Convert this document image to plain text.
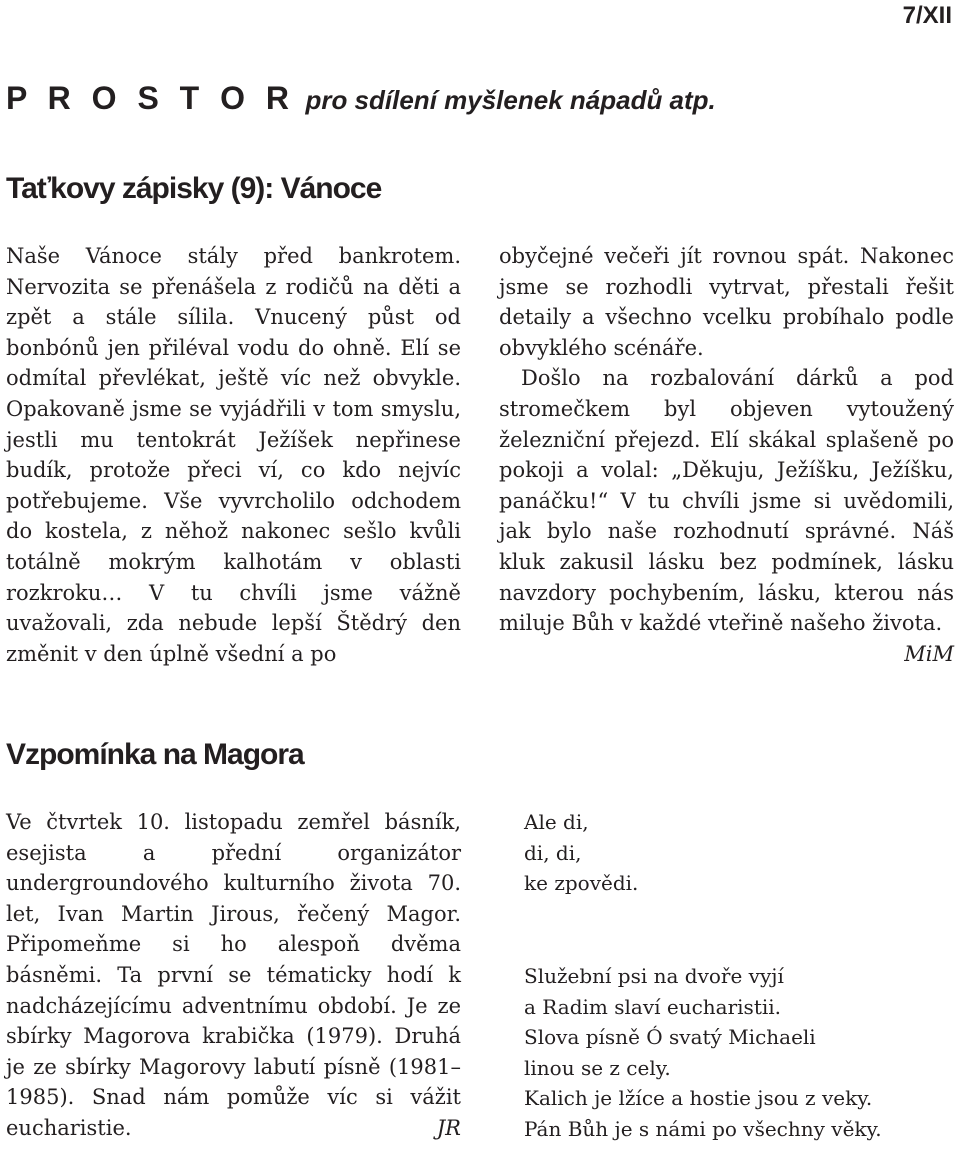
7/XII
P R O S T O R pro sdílení myšlenek nápadů atp.
Taťkovy zápisky (9): Vánoce

Naše Vánoce stály před bankrotem. Nervozita se přenášela z rodičů na děti a zpět a stále sílila. Vnucený půst od bonbónů jen přiléval vodu do ohně. Elí se odmítal převlékat, ještě víc než obvykle. Opakovaně jsme se vyjádřili v tom smyslu, jestli mu tentokrát Ježíšek nepřinese budík, protože přeci ví, co kdo nejvíc potřebujeme. Vše vyvrcholilo odchodem do kostela, z něhož nakonec sešlo kvůli totálně mokrým kalhotám v oblasti rozkroku… V tu chvíli jsme vážně uvažovali, zda nebude lepší Štědrý den změnit v den úplně všední a po

obyčejné večeři jít rovnou spát. Nakonec jsme se rozhodli vytrvat, přestali řešit detaily a všechno vcelku probíhalo podle obvyklého scénáře.

Došlo na rozbalování dárků a pod stromečkem byl objeven vytoužený železniční přejezd. Elí skákal splašeně po pokoji a volal: „Děkuju, Ježíšku, Ježíšku, panáčku!“ V tu chvíli jsme si uvědomili, jak bylo naše rozhodnutí správné. Náš kluk zakusil lásku bez podmínek, lásku navzdory pochybením, lásku, kterou nás miluje Bůh v každé vteřině našeho života.
MiM

Vzpomínka na Magora

Ve čtvrtek 10. listopadu zemřel básník, esejista a přední organizátor undergroundového kulturního života 70. let, Ivan Martin Jirous, řečený Magor. Připomeňme si ho alespoň dvěma básněmi. Ta první se tématicky hodí k nadcházejícímu adventnímu období. Je ze sbírky Magorova krabička (1979). Druhá je ze sbírky Magorovy labutí písně (1981–1985). Snad nám pomůže víc si vážit eucharistie.	JR

Ale di,
di, di,
ke zpovědi.
Služební psi na dvoře vyjí
a Radim slaví eucharistii.
Slova písně Ó svatý Michaeli
linou se z cely.
Kalich je lžíce a hostie jsou z veky.
Pán Bůh je s námi po všechny věky.
